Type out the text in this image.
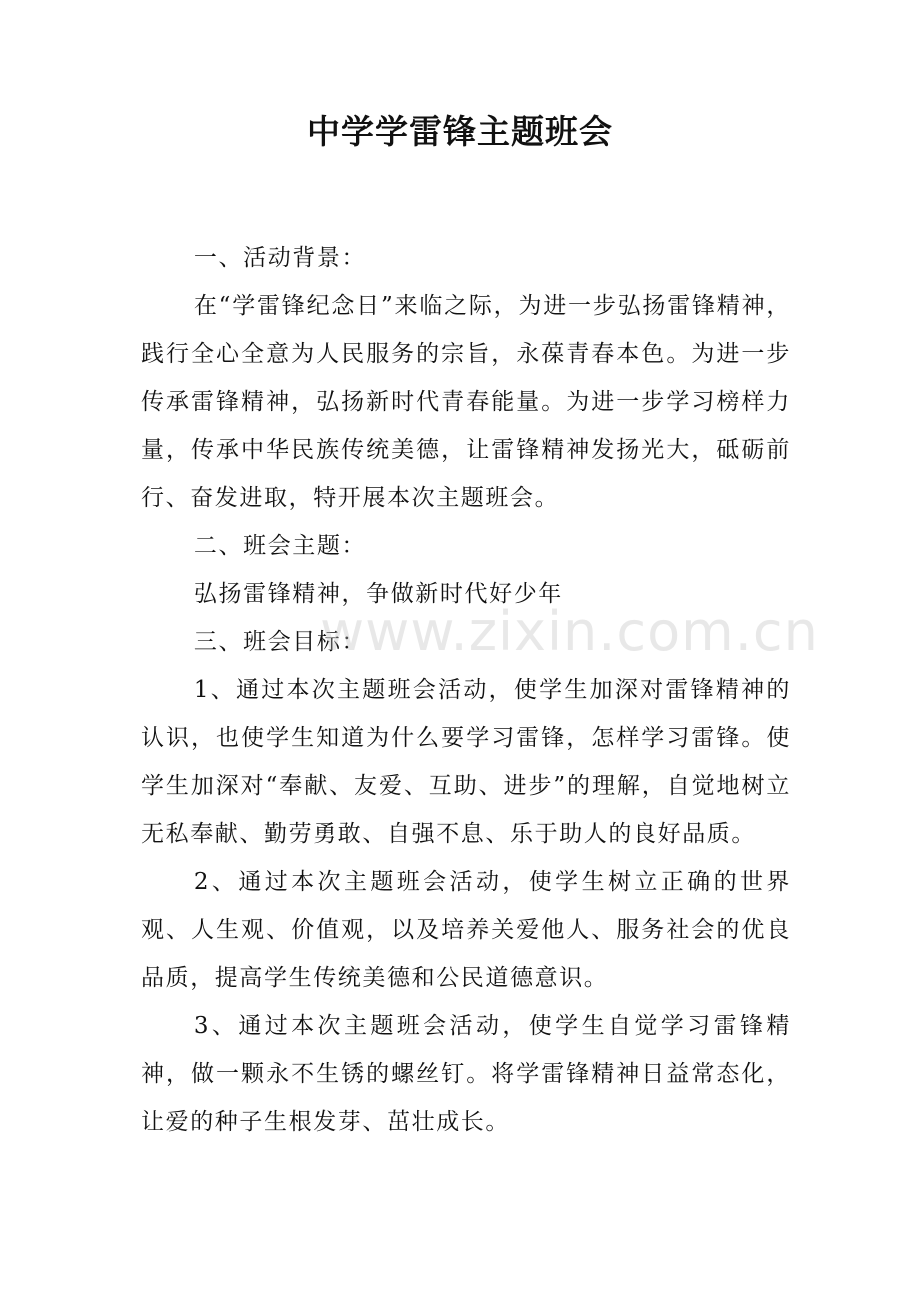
中学学雷锋主题班会

一、活动背景：

在“学雷锋纪念日”来临之际，为进一步弘扬雷锋精神，践行全心全意为人民服务的宗旨，永葆青春本色。为进一步传承雷锋精神，弘扬新时代青春能量。为进一步学习榜样力量，传承中华民族传统美德，让雷锋精神发扬光大，砥砺前行、奋发进取，特开展本次主题班会。

二、班会主题：

弘扬雷锋精神，争做新时代好少年

三、班会目标：

1、通过本次主题班会活动，使学生加深对雷锋精神的认识，也使学生知道为什么要学习雷锋，怎样学习雷锋。使学生加深对“奉献、友爱、互助、进步”的理解，自觉地树立无私奉献、勤劳勇敢、自强不息、乐于助人的良好品质。

2、通过本次主题班会活动，使学生树立正确的世界观、人生观、价值观，以及培养关爱他人、服务社会的优良品质，提高学生传统美德和公民道德意识。

3、通过本次主题班会活动，使学生自觉学习雷锋精神，做一颗永不生锈的螺丝钉。将学雷锋精神日益常态化，让爱的种子生根发芽、茁壮成长。

www.zixin.com.cn
